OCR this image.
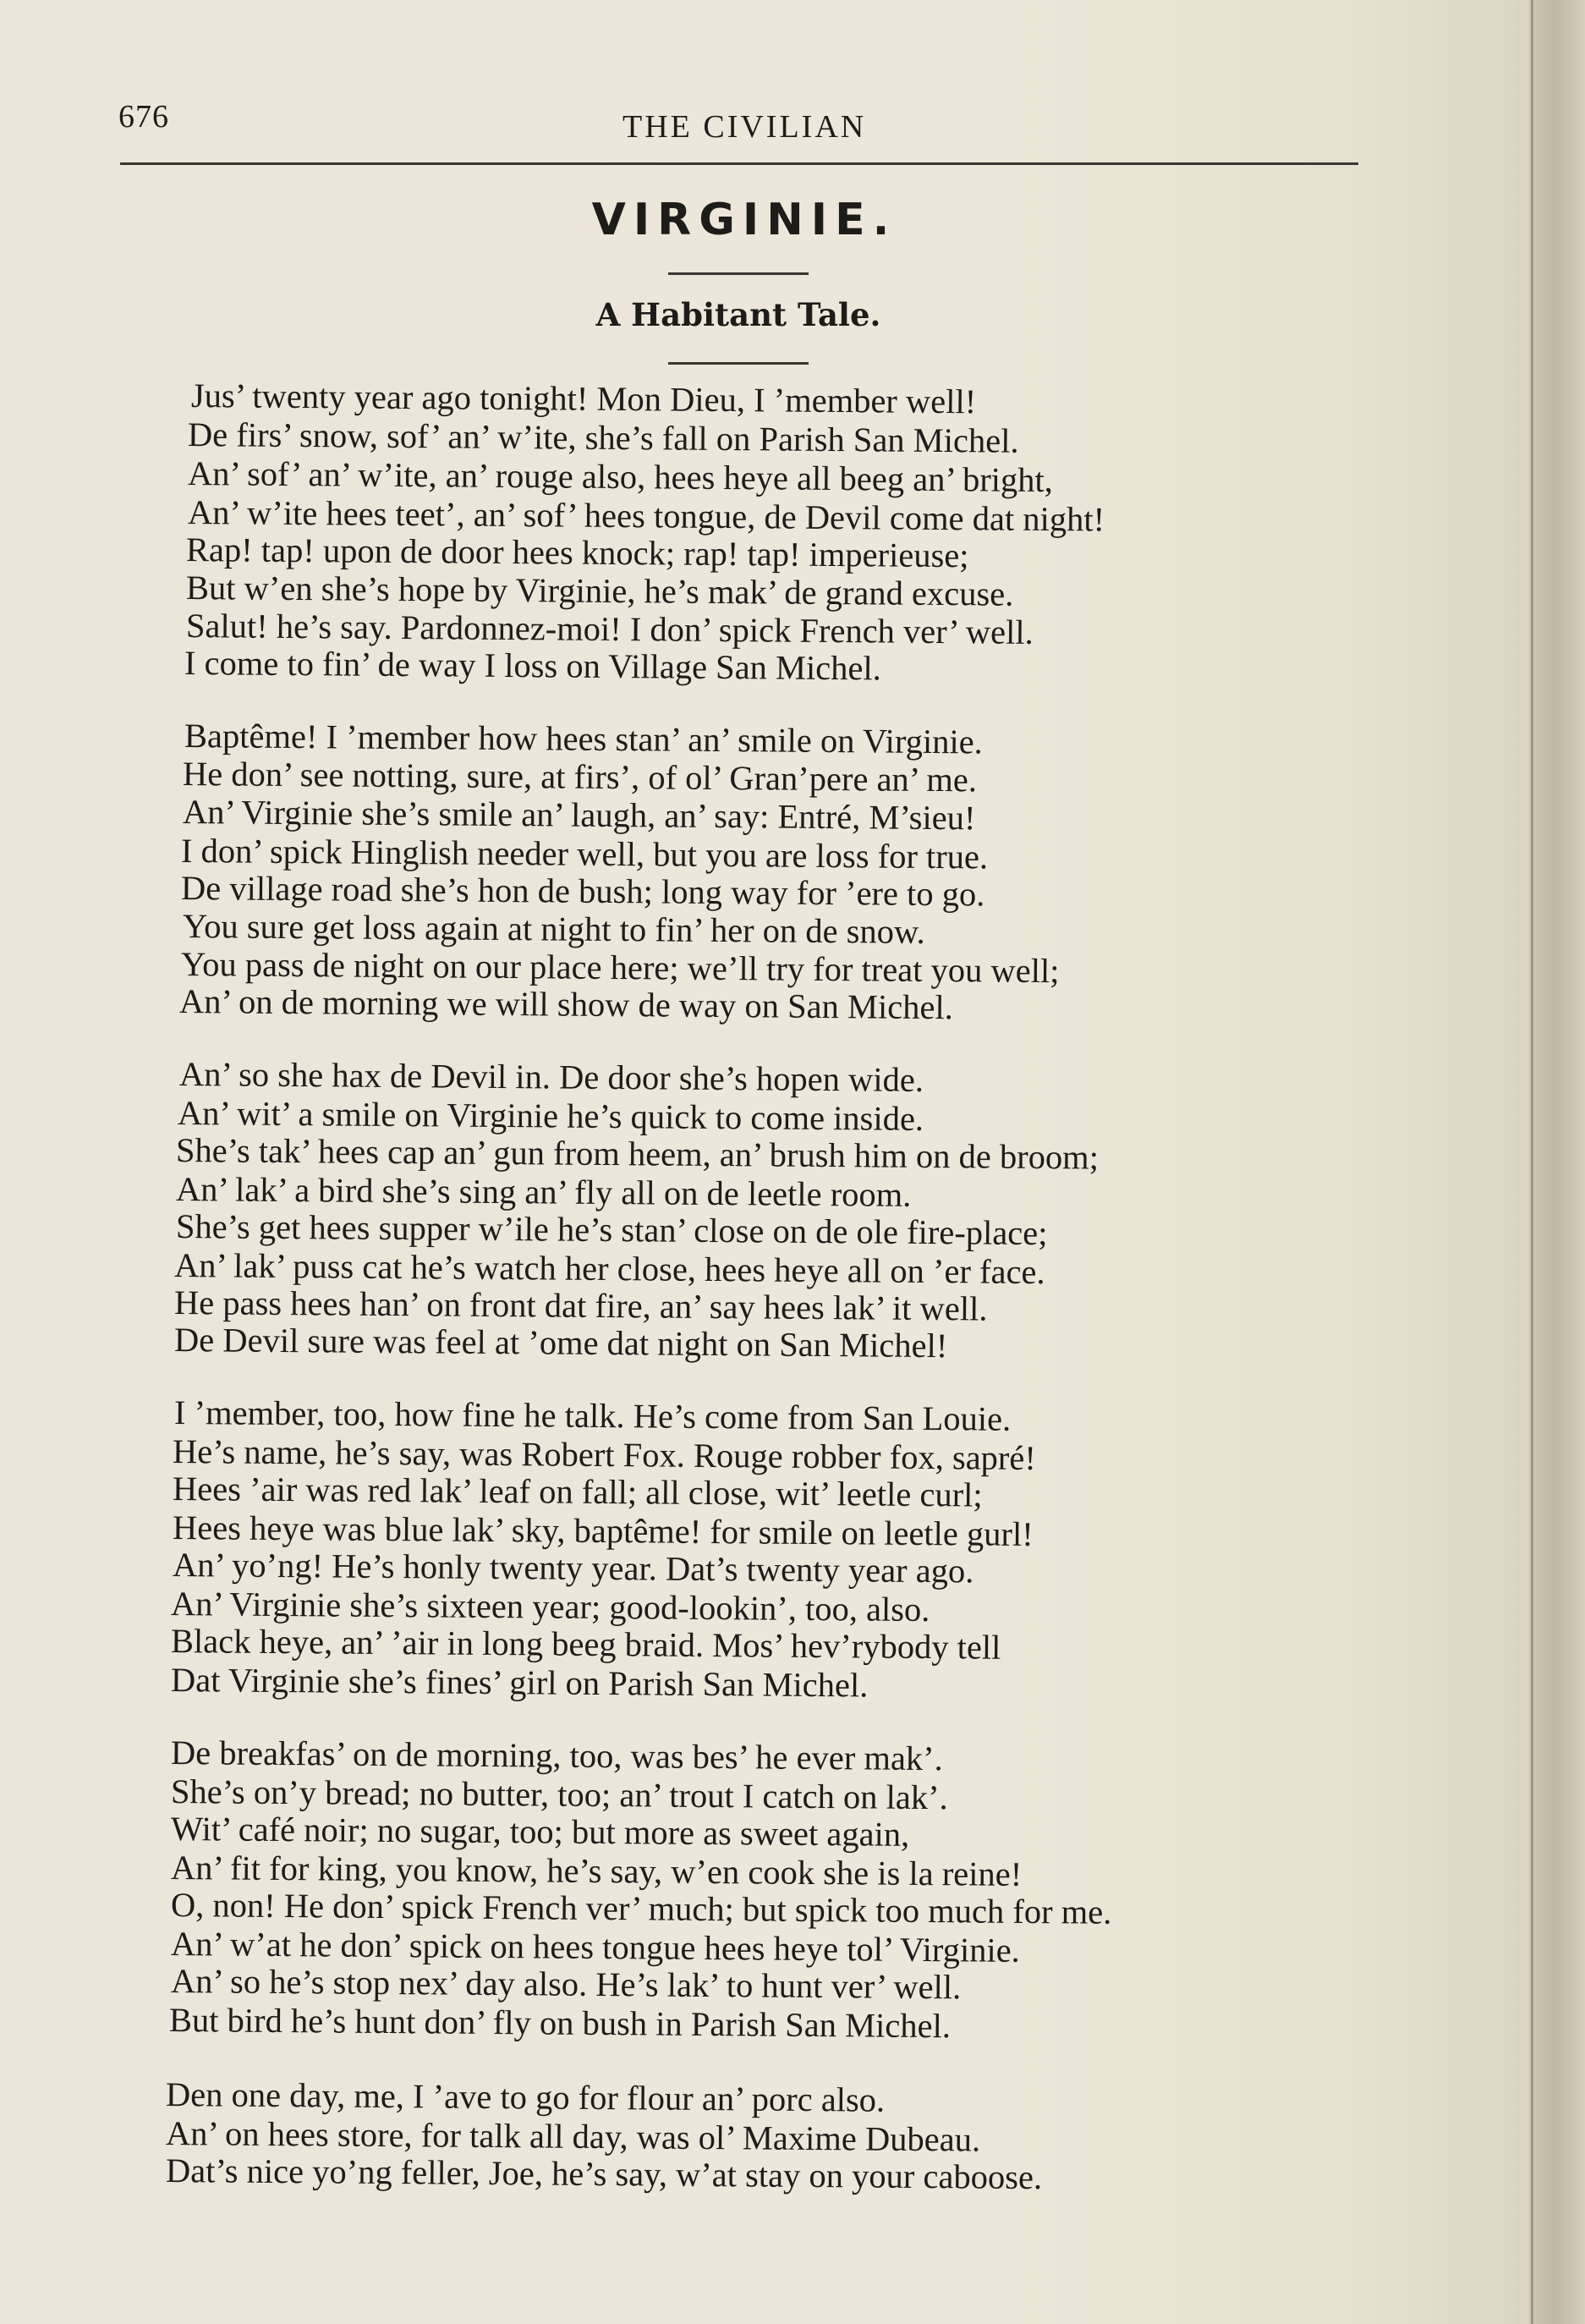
676	THE CIVILIAN
VIRGINIE.
A Habitant Tale.
Jus’ twenty year ago tonight! Mon Dieu, I ’member well!
De firs’ snow, sof’ an’ w’ite, she’s fall on Parish San Michel.
An’ sof’ an’ w’ite, an’ rouge also, hees heye all beeg an’ bright,
An’ w’ite hees teet’, an’ sof’ hees tongue, de Devil come dat night!
Rap! tap! upon de door hees knock; rap! tap! imperieuse;
But w’en she’s hope by Virginie, he’s mak’ de grand excuse.
Salut! he’s say. Pardonnez-moi! I don’ spick French ver’ well.
I come to fin’ de way I loss on Village San Michel.
Baptême! I ’member how hees stan’ an’ smile on Virginie.
He don’ see notting, sure, at firs’, of ol’ Gran’pere an’ me.
An’ Virginie she’s smile an’ laugh, an’ say: Entré, M’sieu!
I don’ spick Hinglish needer well, but you are loss for true.
De village road she’s hon de bush; long way for ’ere to go.
You sure get loss again at night to fin’ her on de snow.
You pass de night on our place here; we’ll try for treat you well;
An’ on de morning we will show de way on San Michel.
An’ so she hax de Devil in. De door she’s hopen wide.
An’ wit’ a smile on Virginie he’s quick to come inside.
She’s tak’ hees cap an’ gun from heem, an’ brush him on de broom;
An’ lak’ a bird she’s sing an’ fly all on de leetle room.
She’s get hees supper w’ile he’s stan’ close on de ole fire-place;
An’ lak’ puss cat he’s watch her close, hees heye all on ’er face.
He pass hees han’ on front dat fire, an’ say hees lak’ it well.
De Devil sure was feel at ’ome dat night on San Michel!
I ’member, too, how fine he talk. He’s come from San Louie.
He’s name, he’s say, was Robert Fox. Rouge robber fox, sapré!
Hees ’air was red lak’ leaf on fall; all close, wit’ leetle curl;
Hees heye was blue lak’ sky, baptême! for smile on leetle gurl!
An’ yo’ng! He’s honly twenty year. Dat’s twenty year ago.
An’ Virginie she’s sixteen year; good-lookin’, too, also.
Black heye, an’ ’air in long beeg braid. Mos’ hev’rybody tell
Dat Virginie she’s fines’ girl on Parish San Michel.
De breakfas’ on de morning, too, was bes’ he ever mak’.
She’s on’y bread; no butter, too; an’ trout I catch on lak’.
Wit’ café noir; no sugar, too; but more as sweet again,
An’ fit for king, you know, he’s say, w’en cook she is la reine!
O, non! He don’ spick French ver’ much; but spick too much for me.
An’ w’at he don’ spick on hees tongue hees heye tol’ Virginie.
An’ so he’s stop nex’ day also. He’s lak’ to hunt ver’ well.
But bird he’s hunt don’ fly on bush in Parish San Michel.
Den one day, me, I ’ave to go for flour an’ porc also.
An’ on hees store, for talk all day, was ol’ Maxime Dubeau.
Dat’s nice yo’ng feller, Joe, he’s say, w’at stay on your caboose.
